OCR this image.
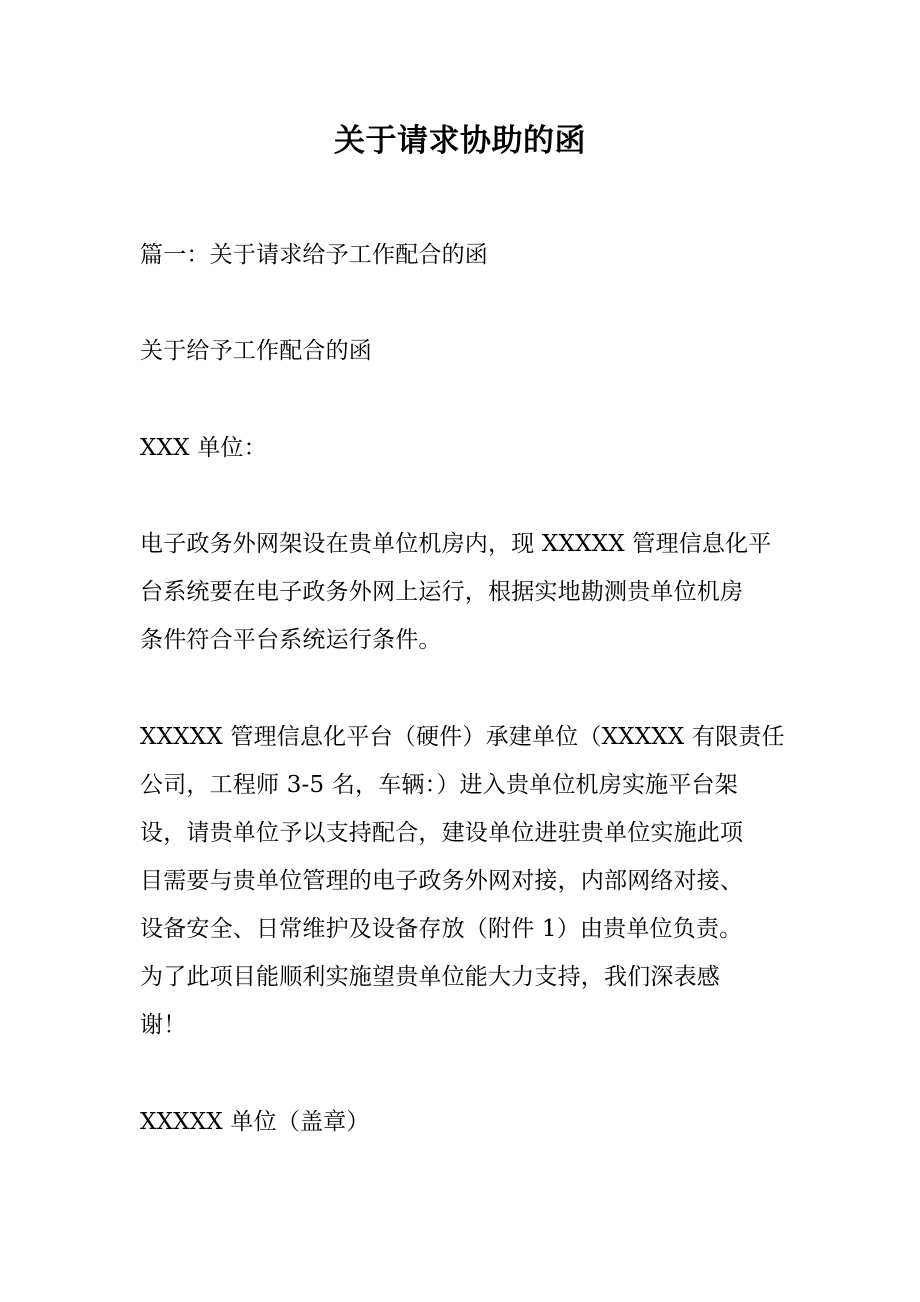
关于请求协助的函

篇一：关于请求给予工作配合的函

关于给予工作配合的函

XXX 单位：

电子政务外网架设在贵单位机房内，现 XXXXX 管理信息化平

台系统要在电子政务外网上运行，根据实地勘测贵单位机房

条件符合平台系统运行条件。

XXXXX 管理信息化平台（硬件）承建单位（XXXXX 有限责任

公司，工程师 3-5 名，车辆：）进入贵单位机房实施平台架

设，请贵单位予以支持配合，建设单位进驻贵单位实施此项

目需要与贵单位管理的电子政务外网对接，内部网络对接、

设备安全、日常维护及设备存放（附件 1）由贵单位负责。

为了此项目能顺利实施望贵单位能大力支持，我们深表感

谢！

XXXXX 单位（盖章）
